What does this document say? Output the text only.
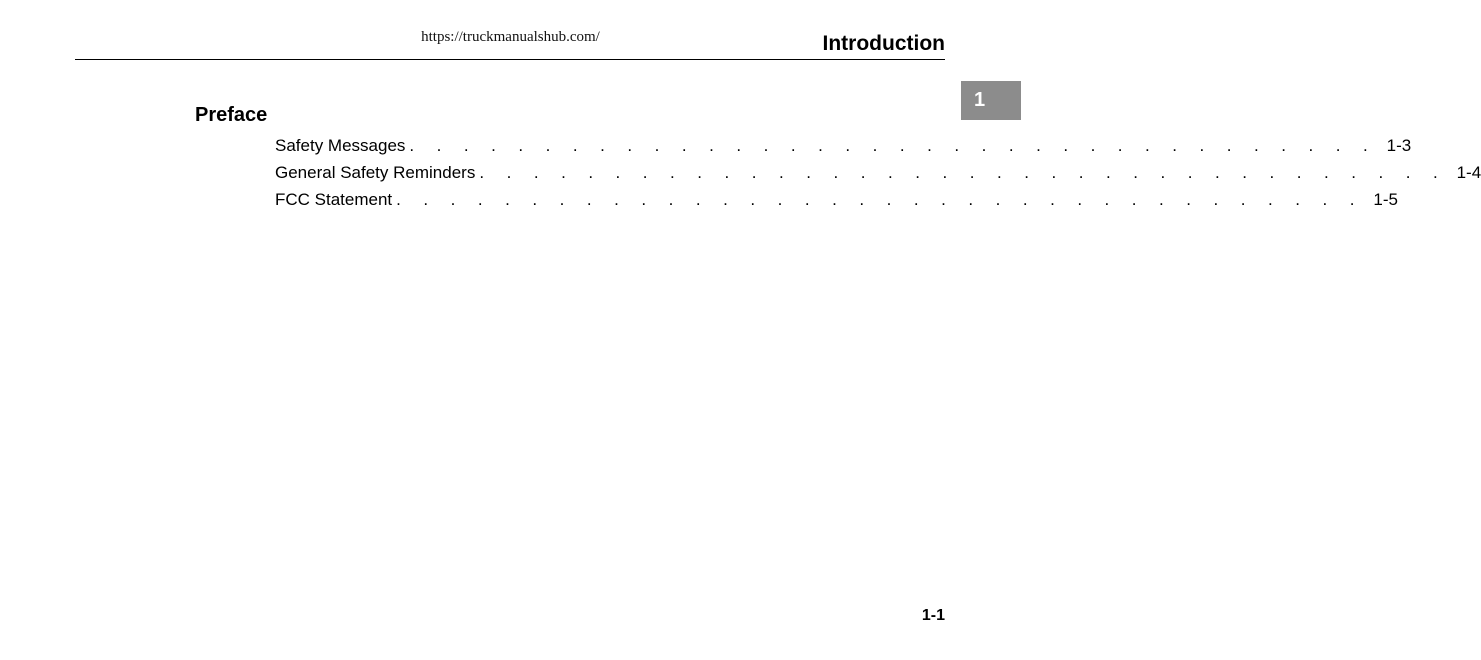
https://truckmanualshub.com/	Introduction
1
Preface
Safety Messages . . . . . . . . . . . . . . . . . . . . . . . . . . . . . . . . . . . . 1-3
General Safety Reminders . . . . . . . . . . . . . . . . . . . . . . . . . . . . . . . . . . . . 1-4
FCC Statement . . . . . . . . . . . . . . . . . . . . . . . . . . . . . . . . . . . . 1-5
1-1
